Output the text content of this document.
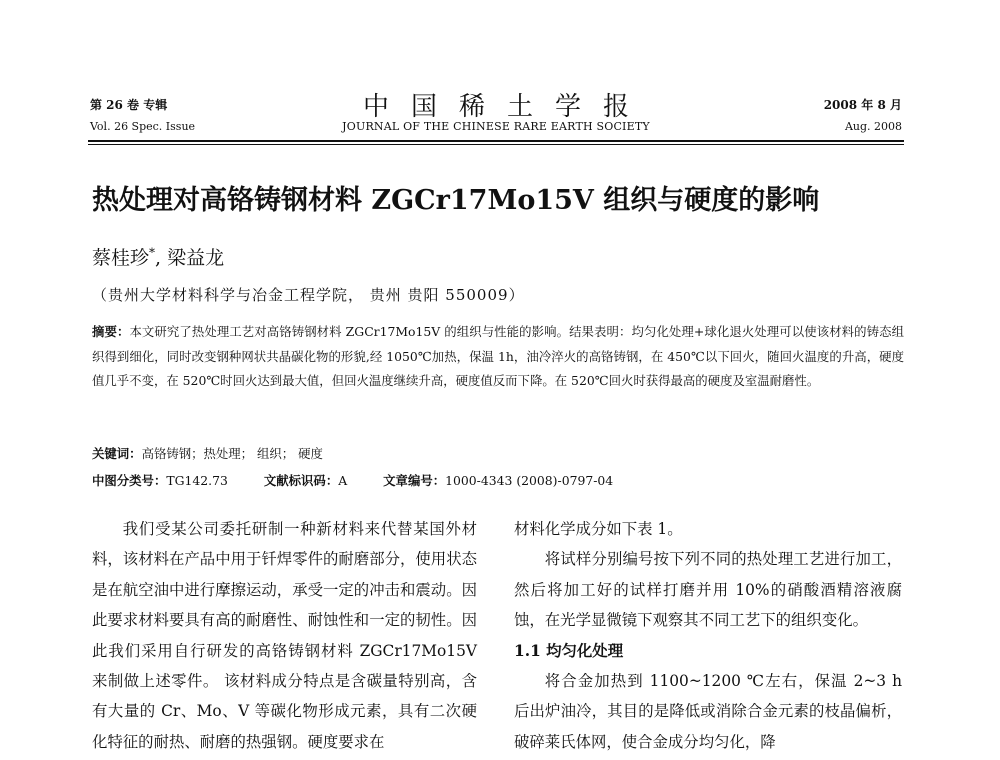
第 26 卷 专辑	中国稀土学报	2008 年 8 月
Vol. 26 Spec. Issue	JOURNAL OF THE CHINESE RARE EARTH SOCIETY	Aug. 2008
热处理对高铬铸钢材料 ZGCr17Mo15V 组织与硬度的影响
蔡桂珍*, 梁益龙
（贵州大学材料科学与冶金工程学院， 贵州 贵阳 550009）
摘要：本文研究了热处理工艺对高铬铸钢材料 ZGCr17Mo15V 的组织与性能的影响。结果表明：均匀化处理+球化退火处理可以使该材料的铸态组织得到细化，同时改变钢种网状共晶碳化物的形貌,经 1050℃加热，保温 1h，油冷淬火的高铬铸钢，在 450℃以下回火，随回火温度的升高，硬度值几乎不变，在 520℃时回火达到最大值，但回火温度继续升高，硬度值反而下降。在 520℃回火时获得最高的硬度及室温耐磨性。
关键词：高铬铸钢；热处理； 组织； 硬度
中图分类号：TG142.73	文献标识码：A	文章编号：1000-4343 (2008)-0797-04

我们受某公司委托研制一种新材料来代替某国外材料，该材料在产品中用于钎焊零件的耐磨部分，使用状态是在航空油中进行摩擦运动，承受一定的冲击和震动。因此要求材料要具有高的耐磨性、耐蚀性和一定的韧性。因此我们采用自行研发的高铬铸钢材料 ZGCr17Mo15V 来制做上述零件。 该材料成分特点是含碳量特别高，含有大量的 Cr、Mo、V 等碳化物形成元素，具有二次硬化特征的耐热、耐磨的热强钢。硬度要求在

材料化学成分如下表 1。

将试样分别编号按下列不同的热处理工艺进行加工，然后将加工好的试样打磨并用 10%的硝酸酒精溶液腐蚀，在光学显微镜下观察其不同工艺下的组织变化。

1.1 均匀化处理

将合金加热到 1100~1200 ℃左右，保温 2~3 h 后出炉油冷，其目的是降低或消除合金元素的枝晶偏析，破碎莱氏体网，使合金成分均匀化，降
